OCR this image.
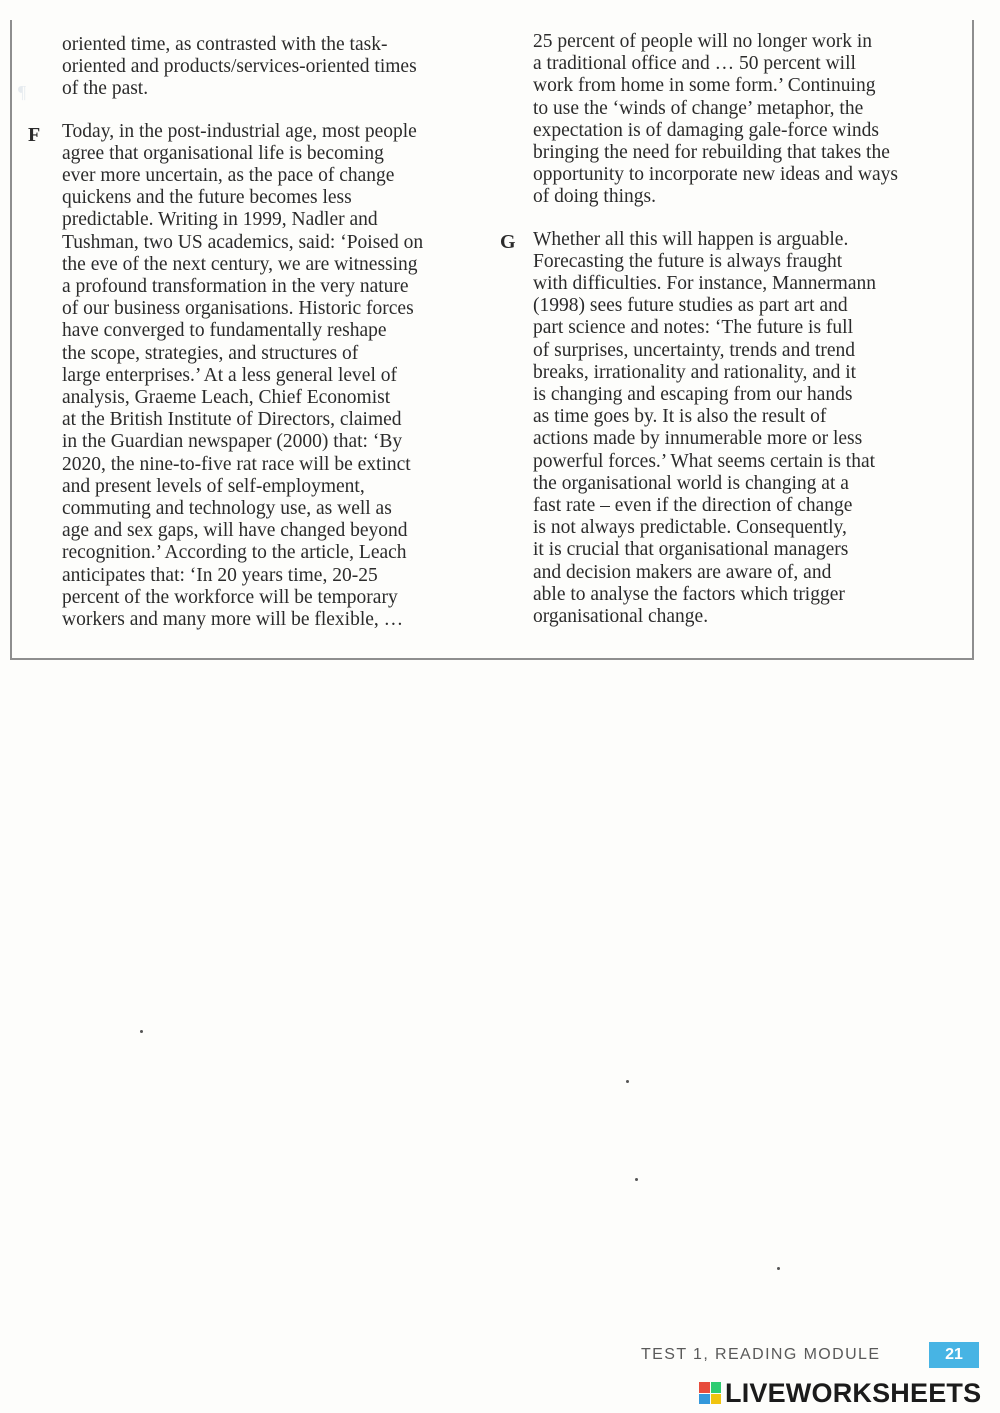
¶
F
G
oriented time, as contrasted with the task-
oriented and products/services-oriented times
of the past.
Today, in the post-industrial age, most people
agree that organisational life is becoming
ever more uncertain, as the pace of change
quickens and the future becomes less
predictable. Writing in 1999, Nadler and
Tushman, two US academics, said: ‘Poised on
the eve of the next century, we are witnessing
a profound transformation in the very nature
of our business organisations. Historic forces
have converged to fundamentally reshape
the scope, strategies, and structures of
large enterprises.’ At a less general level of
analysis, Graeme Leach, Chief Economist
at the British Institute of Directors, claimed
in the Guardian newspaper (2000) that: ‘By
2020, the nine-to-five rat race will be extinct
and present levels of self-employment,
commuting and technology use, as well as
age and sex gaps, will have changed beyond
recognition.’ According to the article, Leach
anticipates that: ‘In 20 years time, 20-25
percent of the workforce will be temporary
workers and many more will be flexible, …
25 percent of people will no longer work in
a traditional office and … 50 percent will
work from home in some form.’ Continuing
to use the ‘winds of change’ metaphor, the
expectation is of damaging gale-force winds
bringing the need for rebuilding that takes the
opportunity to incorporate new ideas and ways
of doing things.
Whether all this will happen is arguable.
Forecasting the future is always fraught
with difficulties. For instance, Mannermann
(1998) sees future studies as part art and
part science and notes: ‘The future is full
of surprises, uncertainty, trends and trend
breaks, irrationality and rationality, and it
is changing and escaping from our hands
as time goes by. It is also the result of
actions made by innumerable more or less
powerful forces.’ What seems certain is that
the organisational world is changing at a
fast rate – even if the direction of change
is not always predictable. Consequently,
it is crucial that organisational managers
and decision makers are aware of, and
able to analyse the factors which trigger
organisational change.
TEST 1, READING MODULE	21
LIVEWORKSHEETS
